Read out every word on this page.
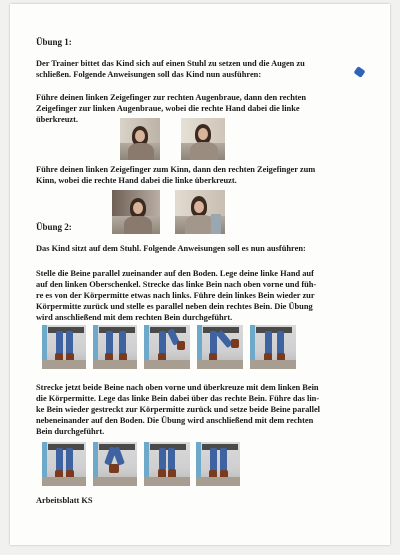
Übung 1:

Der Trainer bittet das Kind sich auf einen Stuhl zu setzen und die Augen zu

schließen. Folgende Anweisungen soll das Kind nun ausführen:

Führe deinen linken Zeigefinger zur rechten Augenbraue, dann den rechten

Zeigefinger zur linken Augenbraue, wobei die rechte Hand dabei die linke

überkreuzt.

Führe deinen linken Zeigefinger zum Kinn, dann den rechten Zeigefinger zum

Kinn, wobei die rechte Hand dabei die linke überkreuzt.

Übung 2:

Das Kind sitzt auf dem Stuhl. Folgende Anweisungen soll es nun ausführen:

Stelle die Beine parallel zueinander auf den Boden. Lege deine linke Hand auf

auf den linken Oberschenkel. Strecke das linke Bein nach oben vorne und füh-

re es von der Körpermitte etwas nach links. Führe dein linkes Bein wieder zur

Körpermitte zurück und stelle es parallel neben dein rechtes Bein. Die Übung

wird anschließend mit dem rechten Bein durchgeführt.

Strecke jetzt beide Beine nach oben vorne und überkreuze mit dem linken Bein

die Körpermitte. Lege das linke Bein dabei über das rechte Bein. Führe das lin-

ke Bein wieder gestreckt zur Körpermitte zurück und setze beide Beine parallel

nebeneinander auf den Boden. Die Übung wird anschließend mit dem rechten

Bein durchgeführt.

Arbeitsblatt KS
